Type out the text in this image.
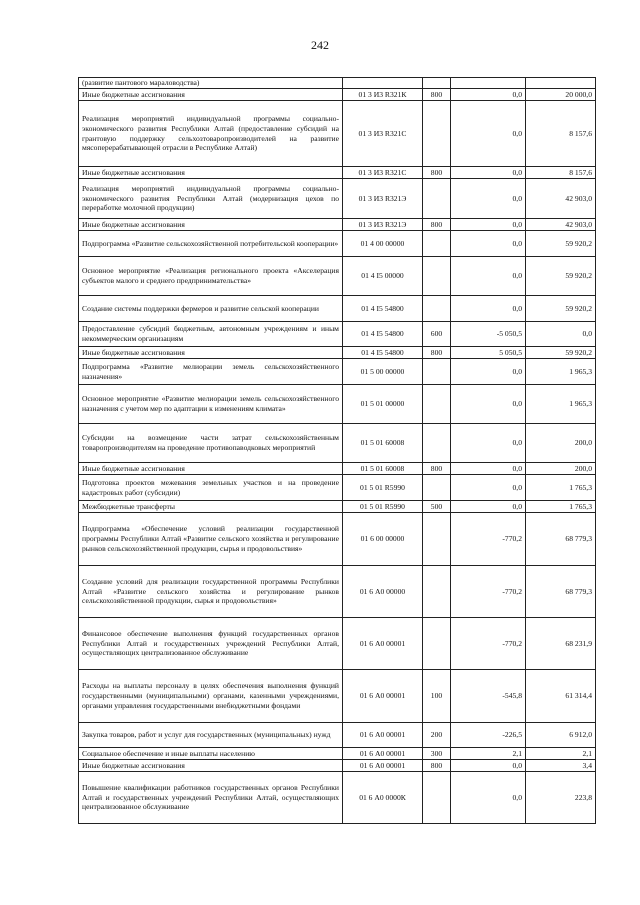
242
(развитие пантового мараловодства)				
Иные бюджетные ассигнования	01 3 И3 R321К	800	0,0	20 000,0
Реализация мероприятий индивидуальной программы социально-экономического развития Республики Алтай (предоставление субсидий на грантовую поддержку сельхозтоваропроизводителей на развитие мясоперерабатывающей отрасли в Республике Алтай)	01 3 И3 R321С		0,0	8 157,6
Иные бюджетные ассигнования	01 3 И3 R321С	800	0,0	8 157,6
Реализация мероприятий индивидуальной программы социально-экономического развития Республики Алтай (модернизация цехов по переработке молочной продукции)	01 3 И3 R321Э		0,0	42 903,0
Иные бюджетные ассигнования	01 3 И3 R321Э	800	0,0	42 903,0
Подпрограмма «Развитие сельскохозяйственной потребительской кооперации»	01 4 00 00000		0,0	59 920,2
Основное мероприятие «Реализация регионального проекта «Акселерация субъектов малого и среднего предпринимательства»	01 4 I5 00000		0,0	59 920,2
Создание системы поддержки фермеров и развитие сельской кооперации	01 4 I5 54800		0,0	59 920,2
Предоставление субсидий бюджетным, автономным учреждениям и иным некоммерческим организациям	01 4 I5 54800	600	-5 050,5	0,0
Иные бюджетные ассигнования	01 4 I5 54800	800	5 050,5	59 920,2
Подпрограмма «Развитие мелиорации земель сельскохозяйственного назначения»	01 5 00 00000		0,0	1 965,3
Основное мероприятие «Развитие мелиорации земель сельскохозяйственного назначения с учетом мер по адаптации к изменениям климата»	01 5 01 00000		0,0	1 965,3
Субсидии на возмещение части затрат сельскохозяйственным товаропроизводителям на проведение противопаводковых мероприятий	01 5 01 60008		0,0	200,0
Иные бюджетные ассигнования	01 5 01 60008	800	0,0	200,0
Подготовка проектов межевания земельных участков и на проведение кадастровых работ (субсидии)	01 5 01 R5990		0,0	1 765,3
Межбюджетные трансферты	01 5 01 R5990	500	0,0	1 765,3
Подпрограмма «Обеспечение условий реализации государственной программы Республики Алтай «Развитие сельского хозяйства и регулирование рынков сельскохозяйственной продукции, сырья и продовольствия»	01 6 00 00000		-770,2	68 779,3
Создание условий для реализации государственной программы Республики Алтай «Развитие сельского хозяйства и регулирование рынков сельскохозяйственной продукции, сырья и продовольствия»	01 6 А0 00000		-770,2	68 779,3
Финансовое обеспечение выполнения функций государственных органов Республики Алтай и государственных учреждений Республики Алтай, осуществляющих централизованное обслуживание	01 6 А0 00001		-770,2	68 231,9
Расходы на выплаты персоналу в целях обеспечения выполнения функций государственными (муниципальными) органами, казенными учреждениями, органами управления государственными внебюджетными фондами	01 6 А0 00001	100	-545,8	61 314,4
Закупка товаров, работ и услуг для государственных (муниципальных) нужд	01 6 А0 00001	200	-226,5	6 912,0
Социальное обеспечение и иные выплаты населению	01 6 А0 00001	300	2,1	2,1
Иные бюджетные ассигнования	01 6 А0 00001	800	0,0	3,4
Повышение квалификации работников государственных органов Республики Алтай и государственных учреждений Республики Алтай, осуществляющих централизованное обслуживание	01 6 А0 0000К		0,0	223,8
